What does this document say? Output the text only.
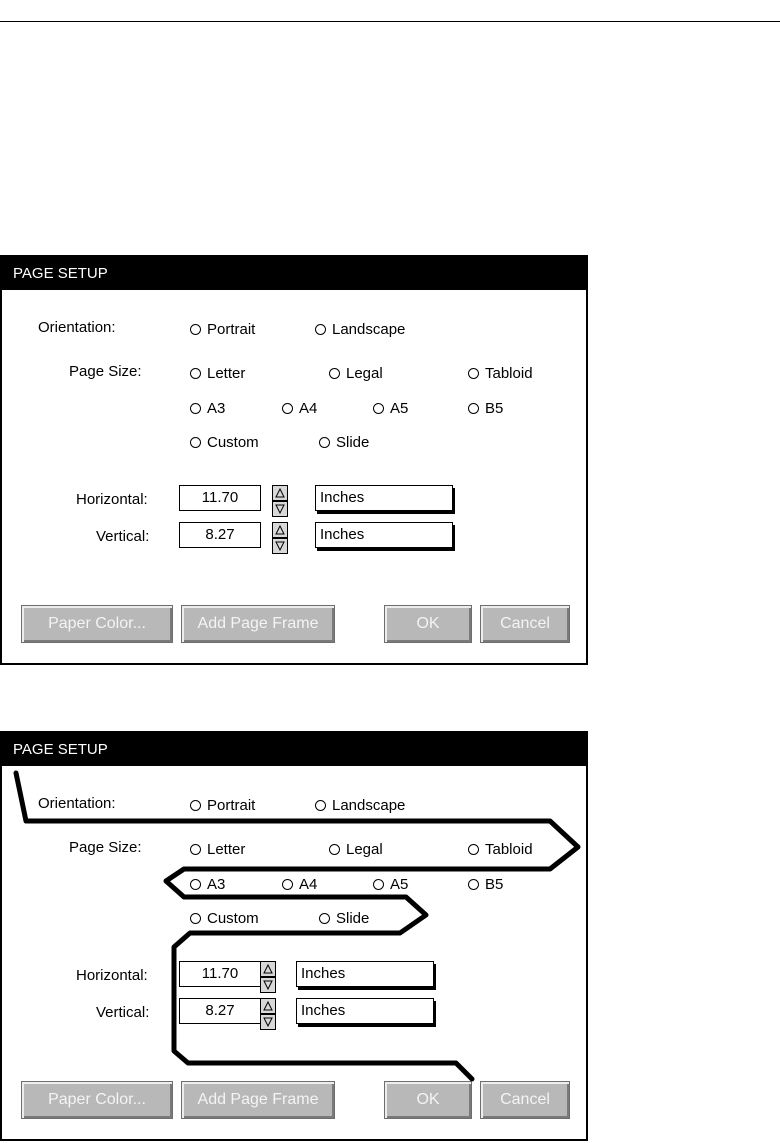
PAGE SETUP
Orientation:	Portrait	Landscape
Page Size:	Letter	Legal	Tabloid
A3	A4	A5	B5
Custom	Slide
Horizontal:	11.70	Inches
Vertical:	8.27	Inches
Paper Color...	Add Page Frame	OK	Cancel
PAGE SETUP
Orientation:	Portrait	Landscape
Page Size:	Letter	Legal	Tabloid
A3	A4	A5	B5
Custom	Slide
Horizontal:	11.70	Inches
Vertical:	8.27	Inches
Paper Color...	Add Page Frame	OK	Cancel
